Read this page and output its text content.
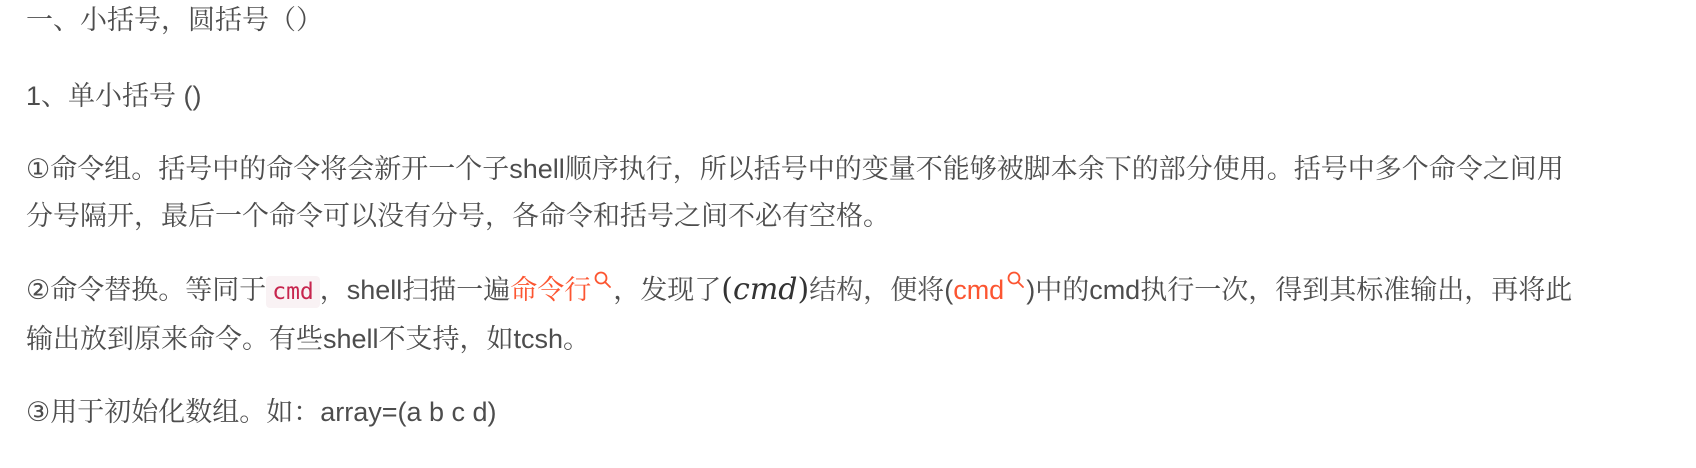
一、小括号，圆括号（）
1、单小括号 ()
①命令组。括号中的命令将会新开一个子shell顺序执行，所以括号中的变量不能够被脚本余下的部分使用。括号中多个命令之间用分号隔开，最后一个命令可以没有分号，各命令和括号之间不必有空格。
②命令替换。等同于 cmd ，shell扫描一遍命令行 ，发现了(cmd)结构，便将(cmd )中的cmd执行一次，得到其标准输出，再将此输出放到原来命令。有些shell不支持，如tcsh。
③用于初始化数组。如：array=(a b c d)
